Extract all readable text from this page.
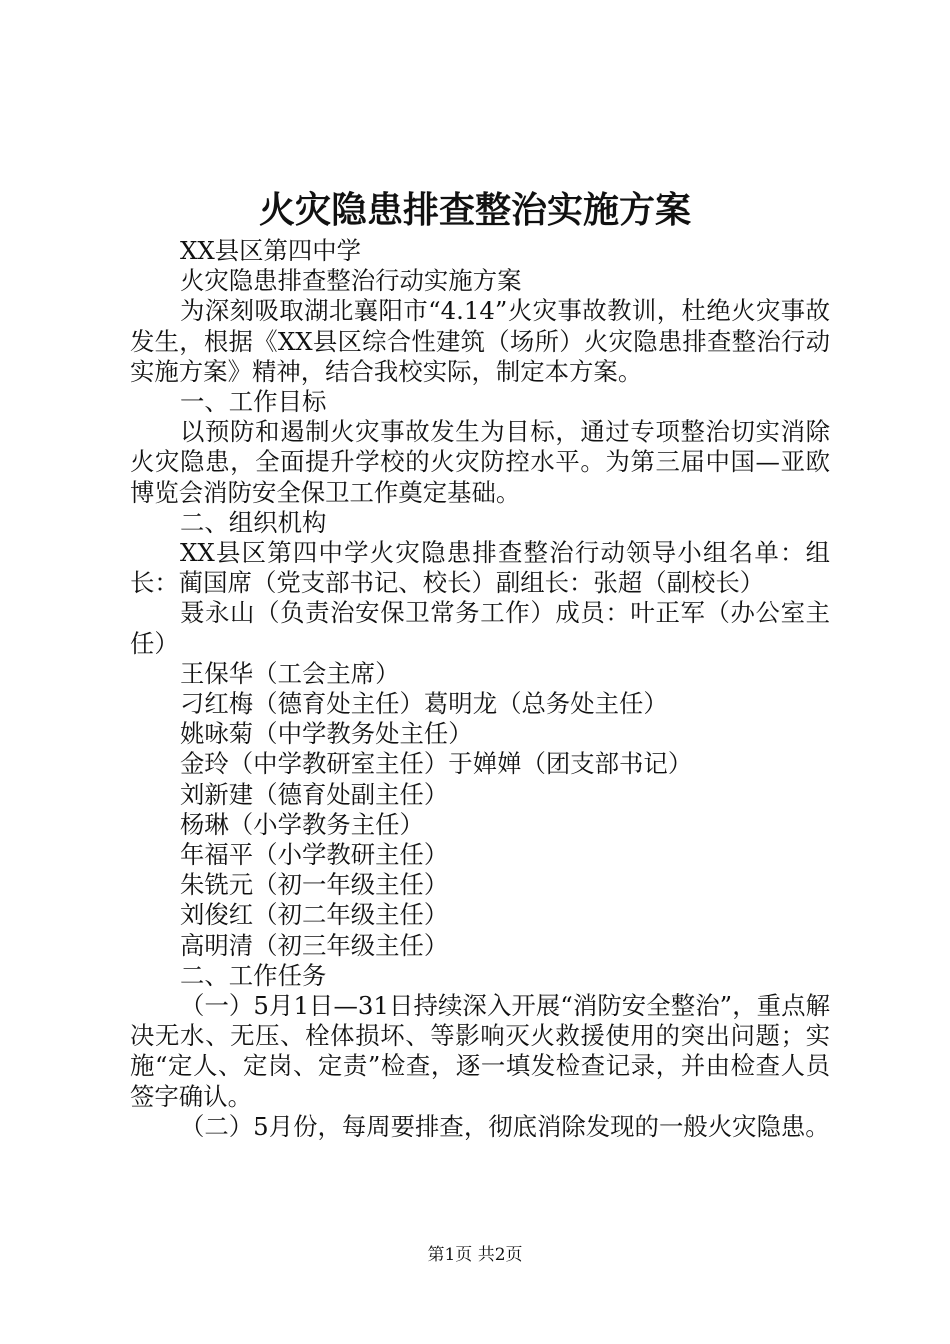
火灾隐患排查整治实施方案

XX县区第四中学

火灾隐患排查整治行动实施方案

为深刻吸取湖北襄阳市“4.14”火灾事故教训，杜绝火灾事故发生，根据《XX县区综合性建筑（场所）火灾隐患排查整治行动实施方案》精神，结合我校实际，制定本方案。

一、工作目标

以预防和遏制火灾事故发生为目标，通过专项整治切实消除火灾隐患，全面提升学校的火灾防控水平。为第三届中国—亚欧博览会消防安全保卫工作奠定基础。

二、组织机构

XX县区第四中学火灾隐患排查整治行动领导小组名单：组长：蔺国席（党支部书记、校长）副组长：张超（副校长）

聂永山（负责治安保卫常务工作）成员：叶正军（办公室主任）

王保华（工会主席）

刁红梅（德育处主任）葛明龙（总务处主任）

姚咏菊（中学教务处主任）

金玲（中学教研室主任）于婵婵（团支部书记）

刘新建（德育处副主任）

杨琳（小学教务主任）

年福平（小学教研主任）

朱铣元（初一年级主任）

刘俊红（初二年级主任）

高明清（初三年级主任）

二、工作任务

（一）5月1日—31日持续深入开展“消防安全整治”，重点解决无水、无压、栓体损坏、等影响灭火救援使用的突出问题；实施“定人、定岗、定责”检查，逐一填发检查记录，并由检查人员签字确认。

（二）5月份，每周要排查，彻底消除发现的一般火灾隐患。

第1页 共2页
